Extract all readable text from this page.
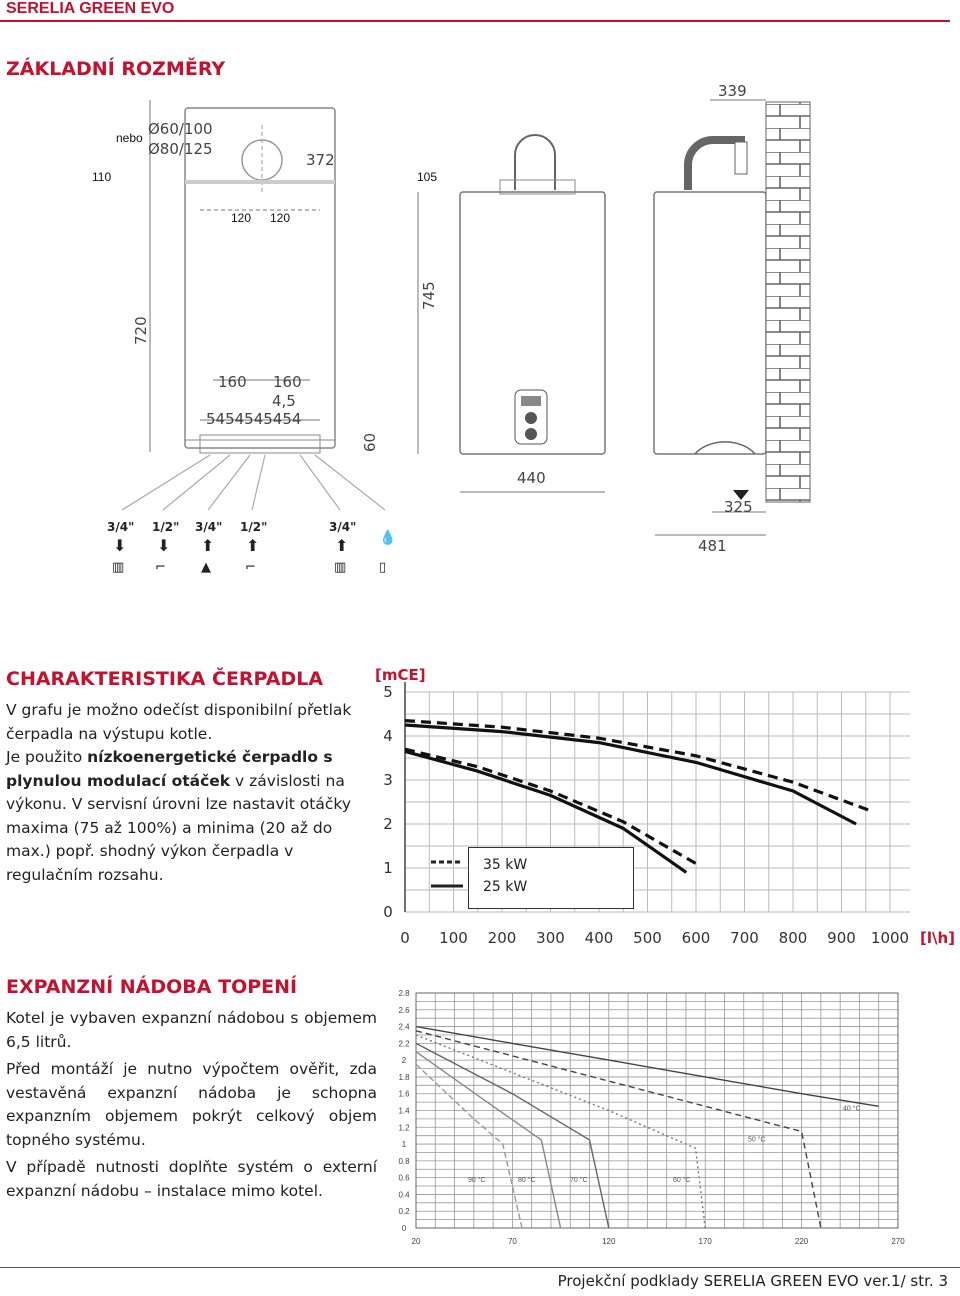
SERELIA GREEN EVO
ZÁKLADNÍ ROZMĚRY
nebo Ø60/100
Ø80/125
110
120 120
372
720
160 160
4,5
5454545454
60
105
745
440
339
325
481
3/4" 1/2" 3/4" 1/2"	3/4"
⬇ ⬇ ⬆ ⬆	⬆ 💧
▥ ⌐	▲	⌐	▥	▯
CHARAKTERISTIKA ČERPADLA
V grafu je možno odečíst disponibilní přetlak čerpadla na výstupu kotle.
Je použito nízkoenergetické čerpadlo s plynulou modulací otáček v závislosti na výkonu. V servisní úrovni lze nastavit otáčky maxima (75 až 100%) a minima (20 až do max.) popř. shodný výkon čerpadla v regulačním rozsahu.
0 100 200 300 400 500 600 700 800 900 1000
0
1
2
3
4
5
[mCE]
[l\h]
35 kW
25 kW
EXPANZNÍ NÁDOBA TOPENÍ
Kotel je vybaven expanzní nádobou s objemem 6,5 litrů.
Před montáží je nutno výpočtem ověřit, zda vestavěná expanzní nádoba je schopna expanzním objemem pokrýt celkový objem topného systému.
V případě nutnosti doplňte systém o externí expanzní nádobu – instalace mimo kotel.
20	70	120	170	220	270
0
0.2
0.4
0.6
0.8
1
1.2
1.4
1.6
1.8
2
2.2
2.4
2.6
2.8
40 °C
50 °C
60 °C
70 °C
80 °C
90 °C
Projekční podklady SERELIA GREEN EVO ver.1/ str. 3
